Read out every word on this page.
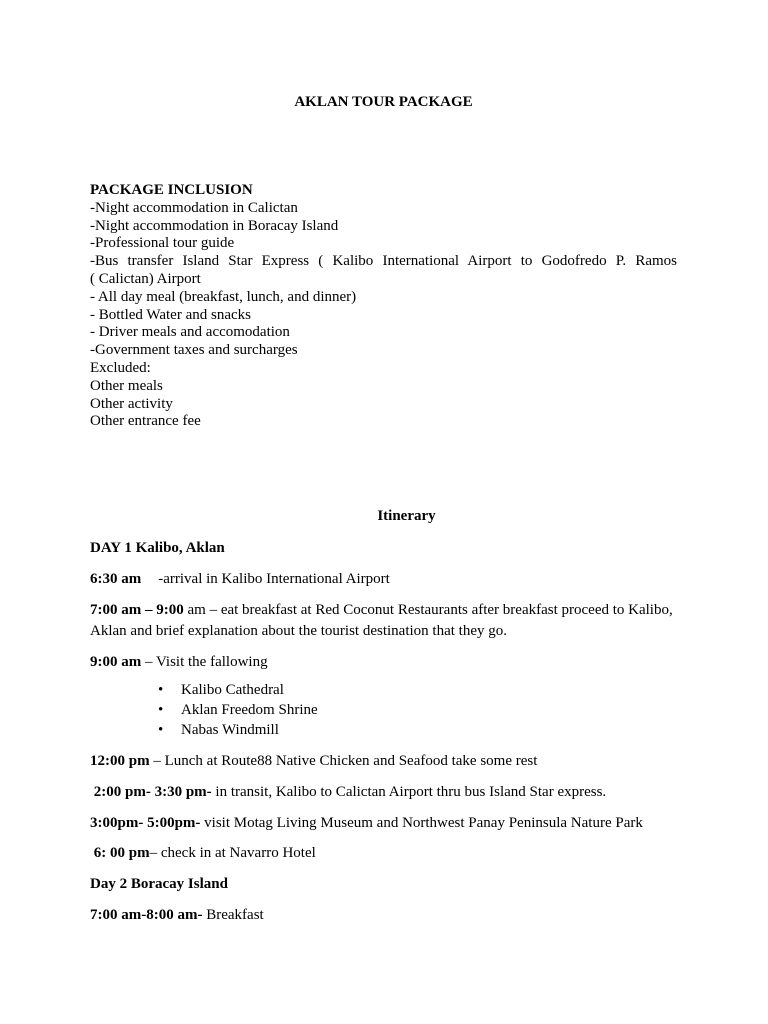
AKLAN TOUR PACKAGE
PACKAGE INCLUSION
-Night accommodation in Calictan
-Night accommodation in Boracay Island
-Professional tour guide
-Bus transfer Island Star Express ( Kalibo International Airport to Godofredo P. Ramos
( Calictan) Airport
- All day meal (breakfast, lunch, and dinner)
- Bottled Water and snacks
- Driver meals and accomodation
-Government taxes and surcharges
Excluded:
Other meals
Other activity
Other entrance fee
Itinerary

DAY 1 Kalibo, Aklan

6:30 am -arrival in Kalibo International Airport

7:00 am – 9:00 am – eat breakfast at Red Coconut Restaurants after breakfast proceed to Kalibo, Aklan and brief explanation about the tourist destination that they go.

9:00 am – Visit the fallowing

• Kalibo Cathedral
• Aklan Freedom Shrine
• Nabas Windmill

12:00 pm – Lunch at Route88 Native Chicken and Seafood take some rest

2:00 pm- 3:30 pm- in transit, Kalibo to Calictan Airport thru bus Island Star express.

3:00pm- 5:00pm- visit Motag Living Museum and Northwest Panay Peninsula Nature Park

6: 00 pm– check in at Navarro Hotel

Day 2 Boracay Island

7:00 am-8:00 am- Breakfast
